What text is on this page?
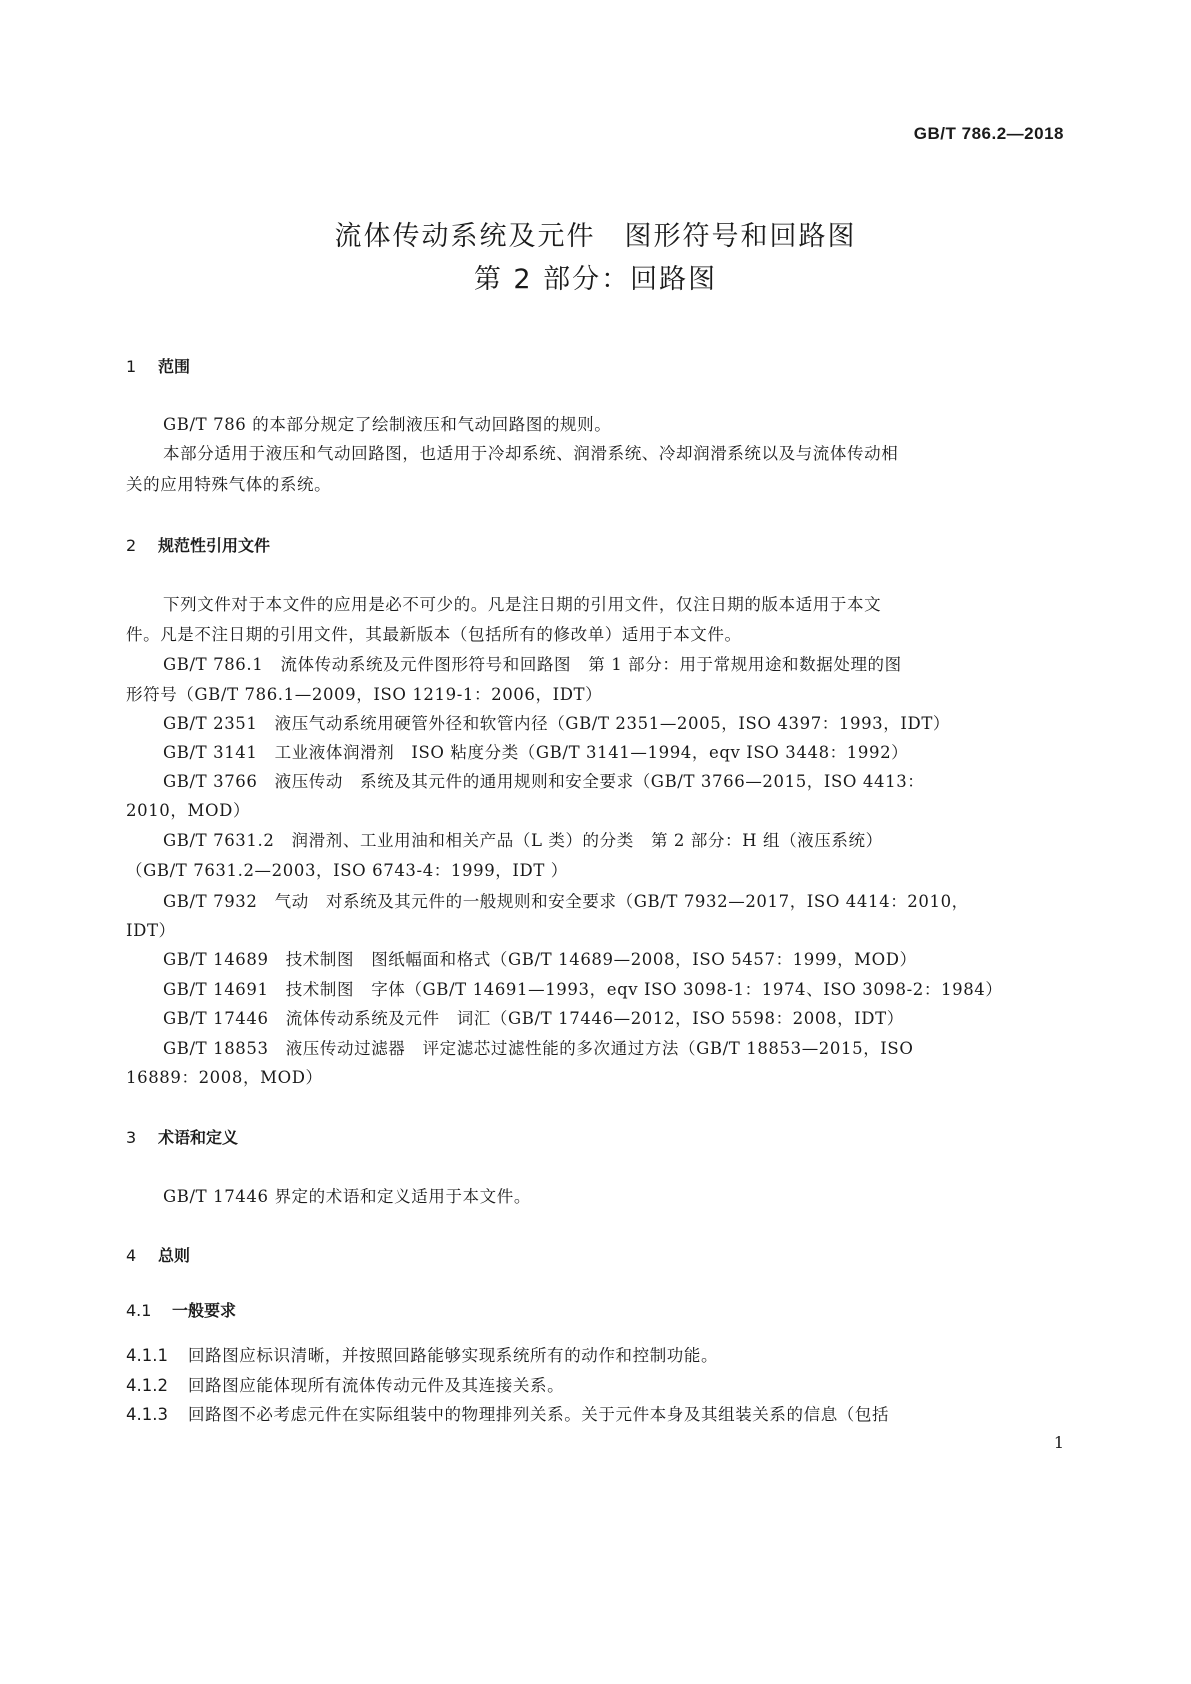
GB/T 786.2—2018
流体传动系统及元件　图形符号和回路图
第 2 部分：回路图
1 范围
GB/T 786 的本部分规定了绘制液压和气动回路图的规则。
本部分适用于液压和气动回路图，也适用于冷却系统、润滑系统、冷却润滑系统以及与流体传动相
关的应用特殊气体的系统。
2 规范性引用文件
下列文件对于本文件的应用是必不可少的。凡是注日期的引用文件，仅注日期的版本适用于本文
件。凡是不注日期的引用文件，其最新版本（包括所有的修改单）适用于本文件。
GB/T 786.1　流体传动系统及元件图形符号和回路图　第 1 部分：用于常规用途和数据处理的图
形符号（GB/T 786.1—2009，ISO 1219-1：2006，IDT）
GB/T 2351　液压气动系统用硬管外径和软管内径（GB/T 2351—2005，ISO 4397：1993，IDT）
GB/T 3141　工业液体润滑剂　ISO 粘度分类（GB/T 3141—1994，eqv ISO 3448：1992）
GB/T 3766　液压传动　系统及其元件的通用规则和安全要求（GB/T 3766—2015，ISO 4413：
2010，MOD）
GB/T 7631.2　润滑剂、工业用油和相关产品（L 类）的分类　第 2 部分：H 组（液压系统）
（GB/T 7631.2—2003，ISO 6743-4：1999，IDT ）
GB/T 7932　气动　对系统及其元件的一般规则和安全要求（GB/T 7932—2017，ISO 4414：2010，
IDT）
GB/T 14689　技术制图　图纸幅面和格式（GB/T 14689—2008，ISO 5457：1999，MOD）
GB/T 14691　技术制图　字体（GB/T 14691—1993，eqv ISO 3098-1：1974、ISO 3098-2：1984）
GB/T 17446　流体传动系统及元件　词汇（GB/T 17446—2012，ISO 5598：2008，IDT）
GB/T 18853　液压传动过滤器　评定滤芯过滤性能的多次通过方法（GB/T 18853—2015，ISO
16889：2008，MOD）
3 术语和定义
GB/T 17446 界定的术语和定义适用于本文件。
4 总则
4.1 一般要求
4.1.1 回路图应标识清晰，并按照回路能够实现系统所有的动作和控制功能。
4.1.2 回路图应能体现所有流体传动元件及其连接关系。
4.1.3 回路图不必考虑元件在实际组装中的物理排列关系。关于元件本身及其组装关系的信息（包括
1
